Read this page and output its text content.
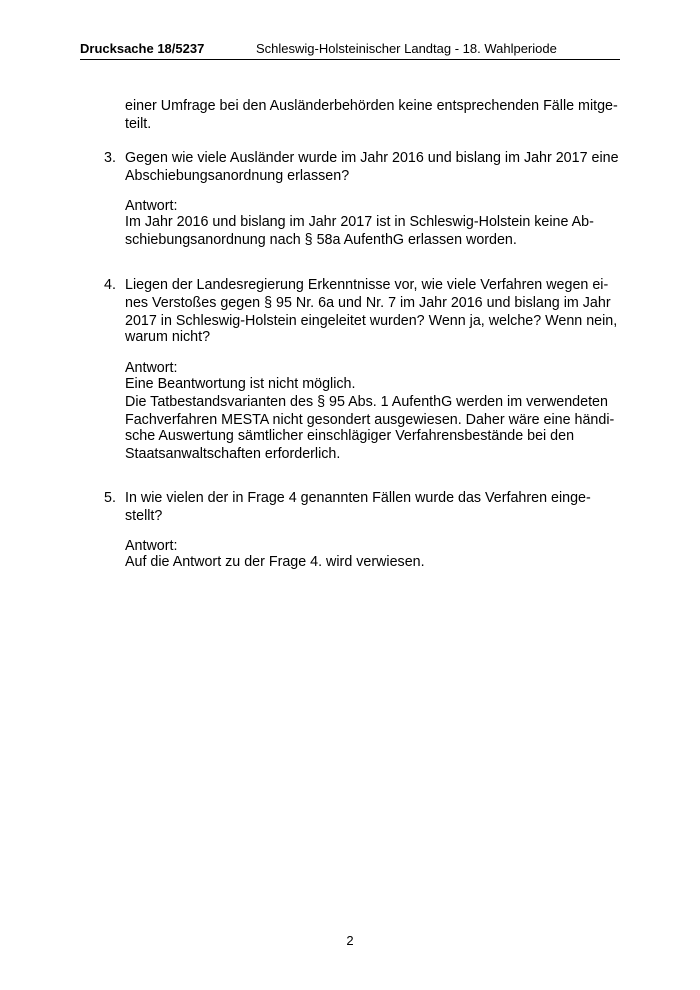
Drucksache 18/5237	Schleswig-Holsteinischer Landtag - 18. Wahlperiode
einer Umfrage bei den Ausländerbehörden keine entsprechenden Fälle mitge-
teilt.
3. Gegen wie viele Ausländer wurde im Jahr 2016 und bislang im Jahr 2017 eine
Abschiebungsanordnung erlassen?
Antwort:
Im Jahr 2016 und bislang im Jahr 2017 ist in Schleswig-Holstein keine Ab-
schiebungsanordnung nach § 58a AufenthG erlassen worden.
4. Liegen der Landesregierung Erkenntnisse vor, wie viele Verfahren wegen ei-
nes Verstoßes gegen § 95 Nr. 6a und Nr. 7 im Jahr 2016 und bislang im Jahr
2017 in Schleswig-Holstein eingeleitet wurden? Wenn ja, welche? Wenn nein,
warum nicht?
Antwort:
Eine Beantwortung ist nicht möglich.
Die Tatbestandsvarianten des § 95 Abs. 1 AufenthG werden im verwendeten
Fachverfahren MESTA nicht gesondert ausgewiesen. Daher wäre eine händi-
sche Auswertung sämtlicher einschlägiger Verfahrensbestände bei den
Staatsanwaltschaften erforderlich.
5. In wie vielen der in Frage 4 genannten Fällen wurde das Verfahren einge-
stellt?
Antwort:
Auf die Antwort zu der Frage 4. wird verwiesen.
2
